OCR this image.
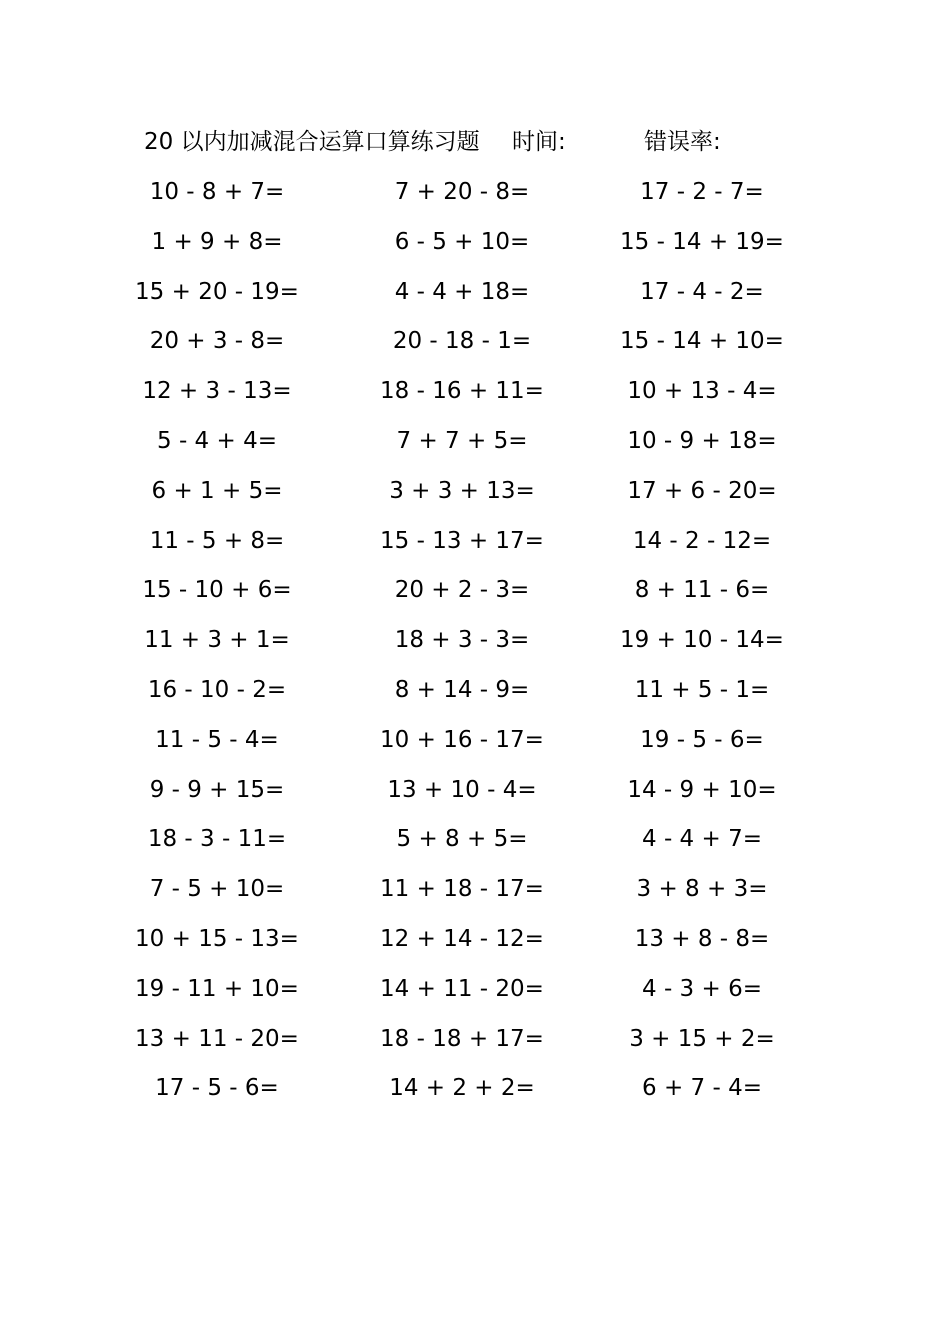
20 以内加减混合运算口算练习题 时间:	错误率:
10 - 8 + 7=	7 + 20 - 8=	17 - 2 - 7=
1 + 9 + 8=	6 - 5 + 10=	15 - 14 + 19=
15 + 20 - 19=	4 - 4 + 18=	17 - 4 - 2=
20 + 3 - 8=	20 - 18 - 1=	15 - 14 + 10=
12 + 3 - 13=	18 - 16 + 11=	10 + 13 - 4=
5 - 4 + 4=	7 + 7 + 5=	10 - 9 + 18=
6 + 1 + 5=	3 + 3 + 13=	17 + 6 - 20=
11 - 5 + 8=	15 - 13 + 17=	14 - 2 - 12=
15 - 10 + 6=	20 + 2 - 3=	8 + 11 - 6=
11 + 3 + 1=	18 + 3 - 3=	19 + 10 - 14=
16 - 10 - 2=	8 + 14 - 9=	11 + 5 - 1=
11 - 5 - 4=	10 + 16 - 17=	19 - 5 - 6=
9 - 9 + 15=	13 + 10 - 4=	14 - 9 + 10=
18 - 3 - 11=	5 + 8 + 5=	4 - 4 + 7=
7 - 5 + 10=	11 + 18 - 17=	3 + 8 + 3=
10 + 15 - 13=	12 + 14 - 12=	13 + 8 - 8=
19 - 11 + 10=	14 + 11 - 20=	4 - 3 + 6=
13 + 11 - 20=	18 - 18 + 17=	3 + 15 + 2=
17 - 5 - 6=	14 + 2 + 2=	6 + 7 - 4=
